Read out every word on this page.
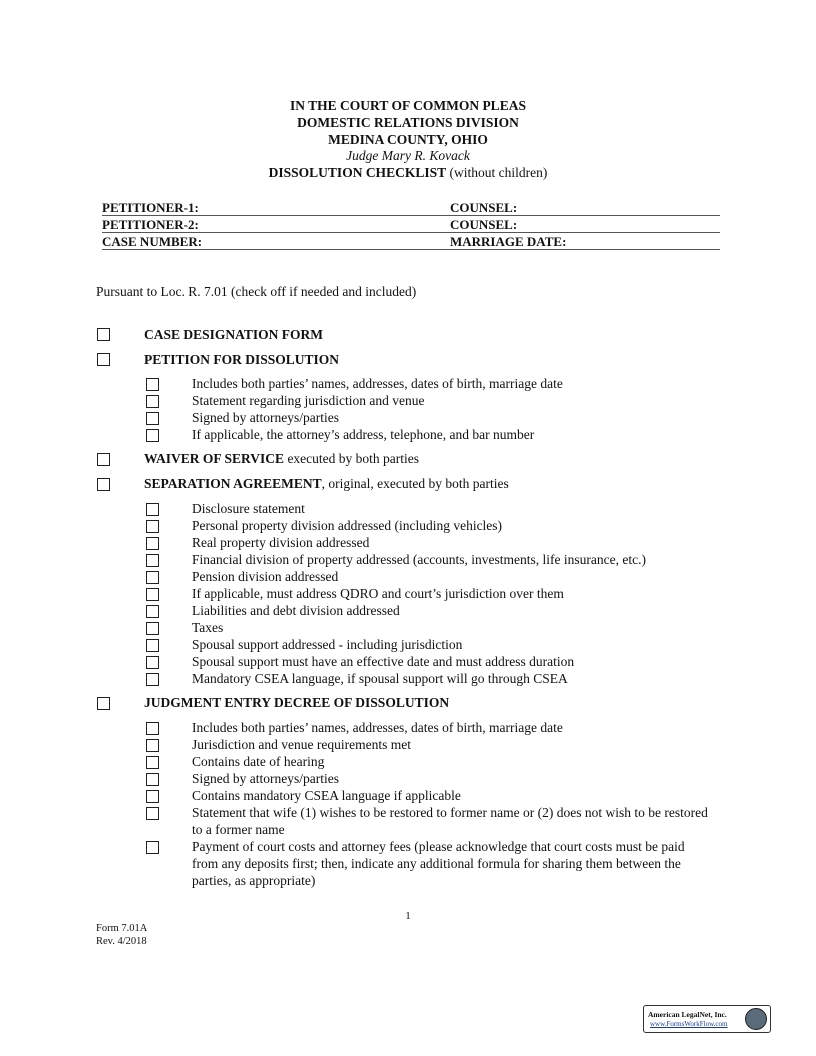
IN THE COURT OF COMMON PLEAS
DOMESTIC RELATIONS DIVISION
MEDINA COUNTY, OHIO
Judge Mary R. Kovack
DISSOLUTION CHECKLIST (without children)
PETITIONER-1:	COUNSEL:
PETITIONER-2:	COUNSEL:
CASE NUMBER:	MARRIAGE DATE:
Pursuant to Loc. R. 7.01 (check off if needed and included)
CASE DESIGNATION FORM
PETITION FOR DISSOLUTION
Includes both parties’ names, addresses, dates of birth, marriage date
Statement regarding jurisdiction and venue
Signed by attorneys/parties
If applicable, the attorney’s address, telephone, and bar number
WAIVER OF SERVICE executed by both parties
SEPARATION AGREEMENT, original, executed by both parties
Disclosure statement
Personal property division addressed (including vehicles)
Real property division addressed
Financial division of property addressed (accounts, investments, life insurance, etc.)
Pension division addressed
If applicable, must address QDRO and court’s jurisdiction over them
Liabilities and debt division addressed
Taxes
Spousal support addressed - including jurisdiction
Spousal support must have an effective date and must address duration
Mandatory CSEA language, if spousal support will go through CSEA
JUDGMENT ENTRY DECREE OF DISSOLUTION
Includes both parties’ names, addresses, dates of birth, marriage date
Jurisdiction and venue requirements met
Contains date of hearing
Signed by attorneys/parties
Contains mandatory CSEA language if applicable
Statement that wife (1) wishes to be restored to former name or (2) does not wish to be restored to a former name
Payment of court costs and attorney fees (please acknowledge that court costs must be paid from any deposits first; then, indicate any additional formula for sharing them between the parties, as appropriate)
1
Form 7.01A
Rev. 4/2018
American LegalNet, Inc.
www.FormsWorkFlow.com
